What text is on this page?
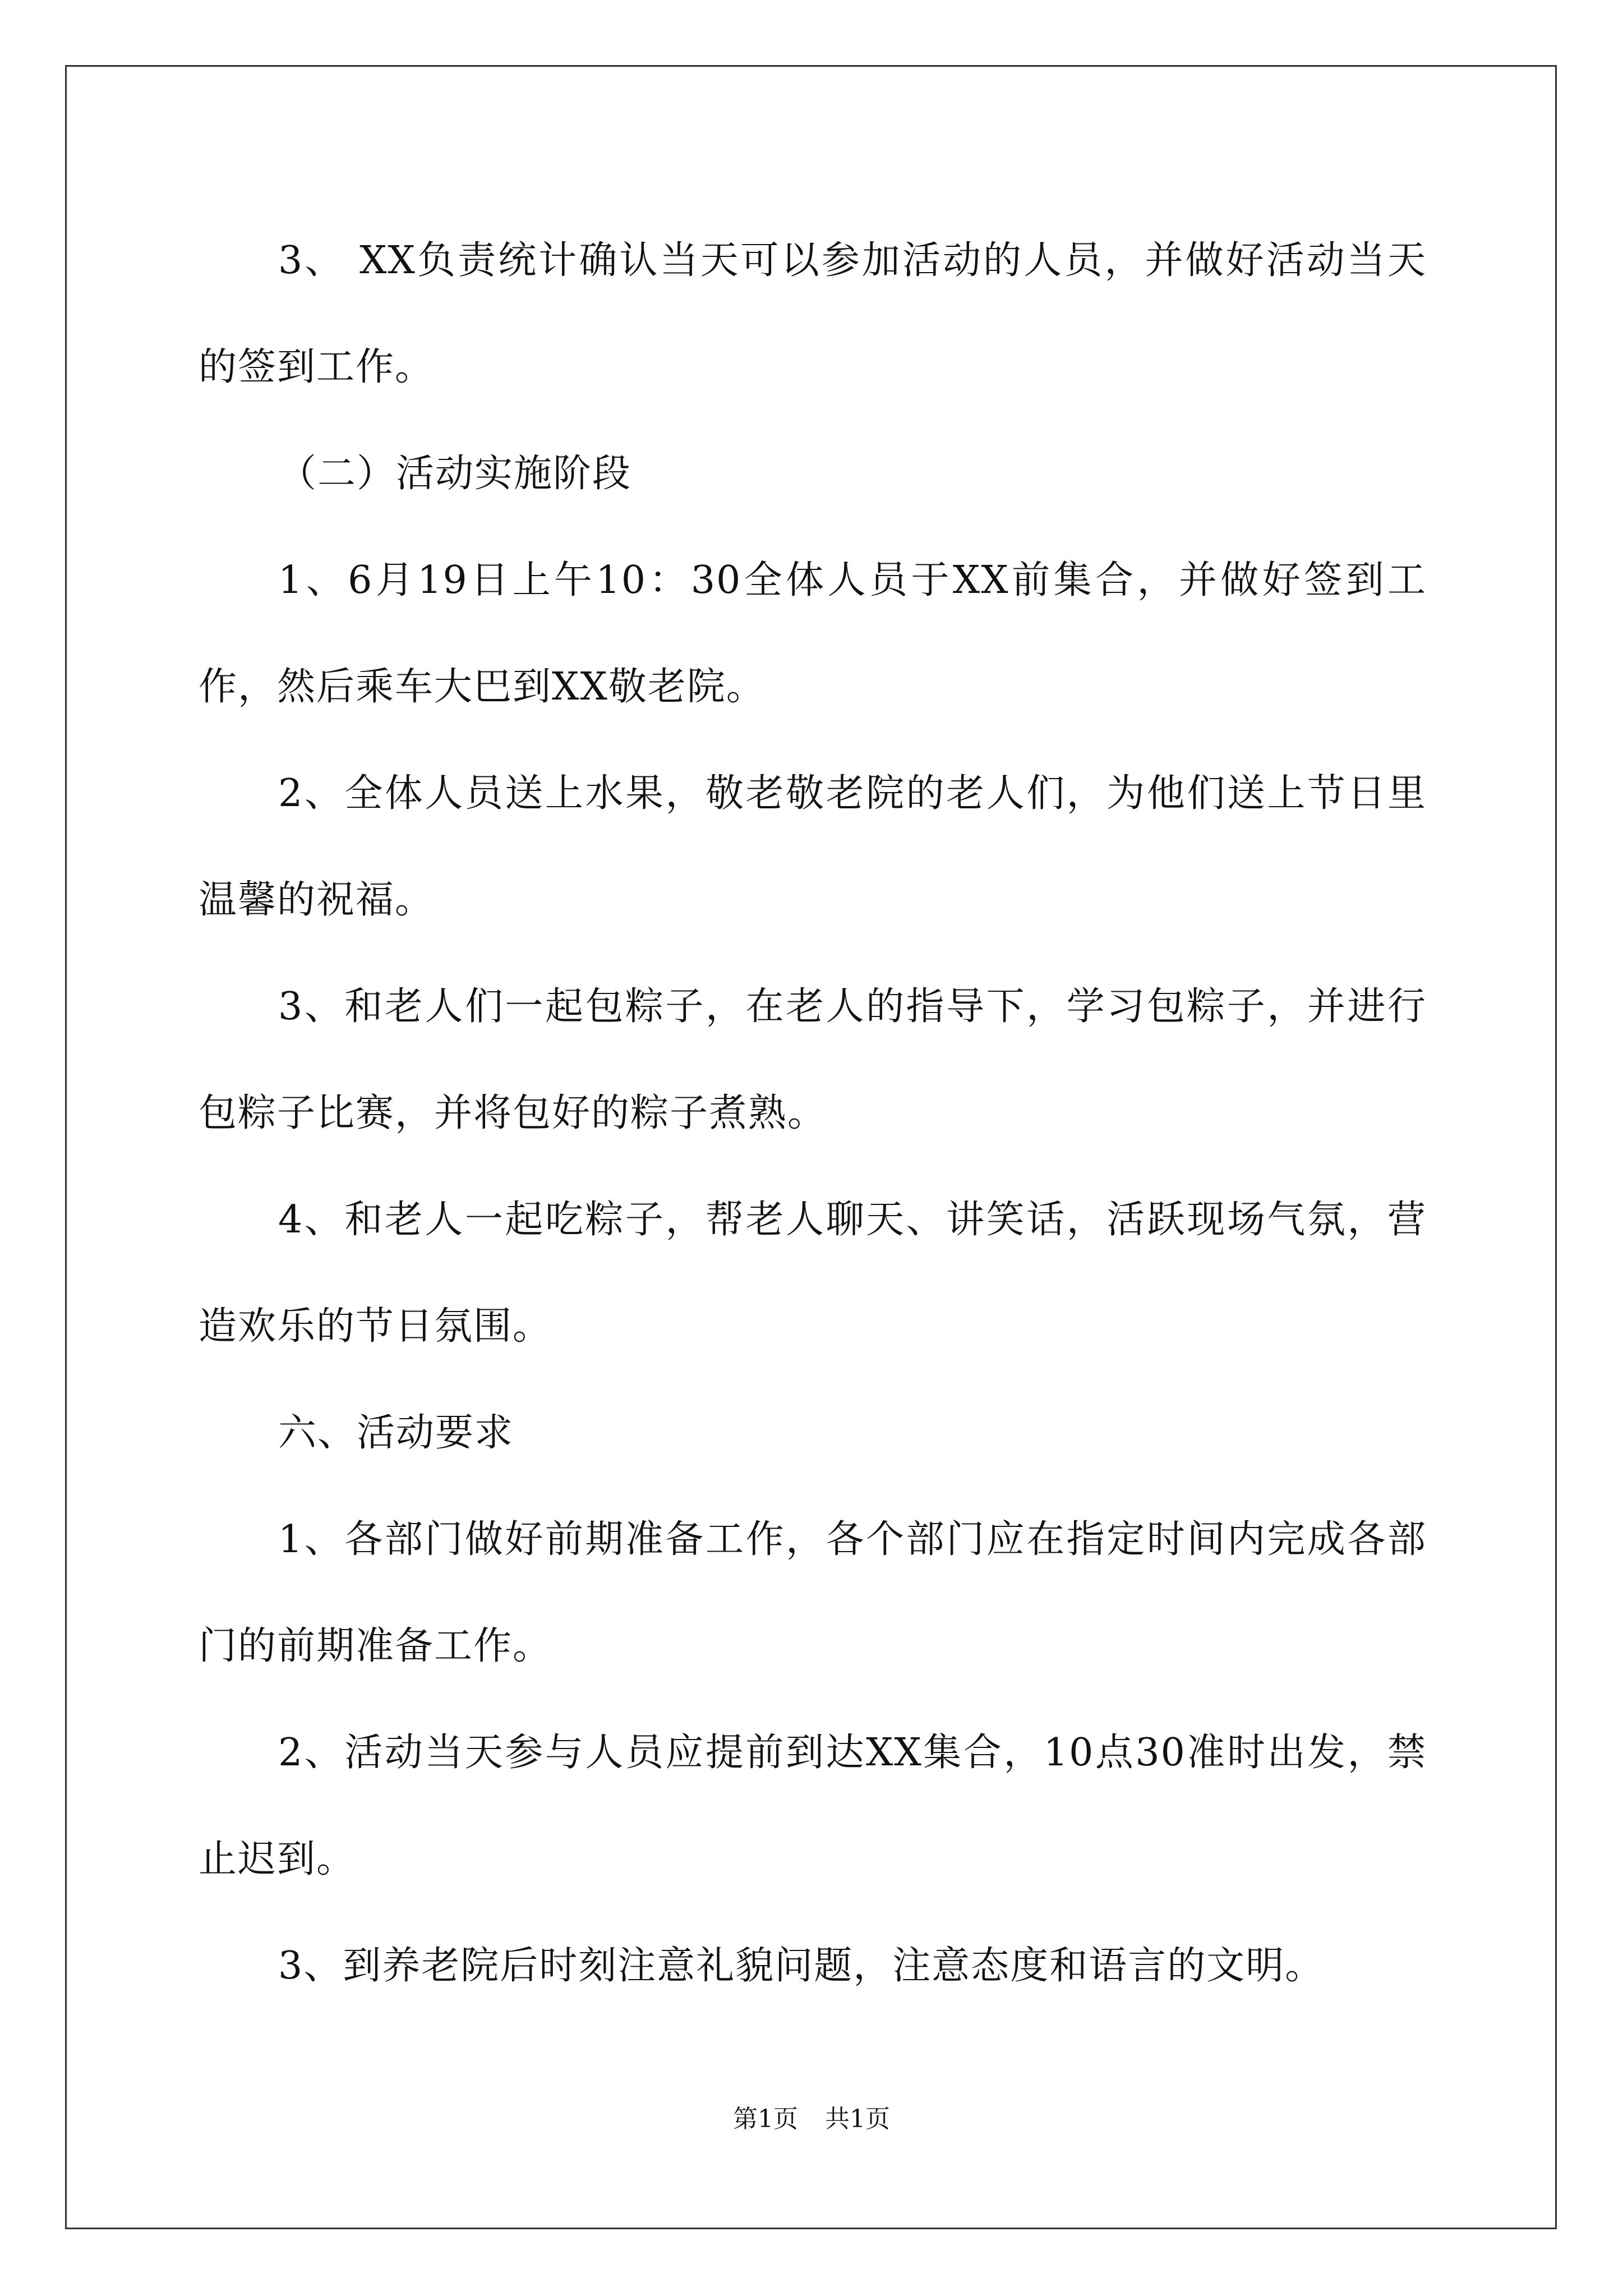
3、 XX负责统计确认当天可以参加活动的人员，并做好活动当天的签到工作。

（二）活动实施阶段

1、6月19日上午10：30全体人员于XX前集合，并做好签到工作，然后乘车大巴到XX敬老院。

2、全体人员送上水果，敬老敬老院的老人们，为他们送上节日里温馨的祝福。

3、和老人们一起包粽子，在老人的指导下，学习包粽子，并进行包粽子比赛，并将包好的粽子煮熟。

4、和老人一起吃粽子，帮老人聊天、讲笑话，活跃现场气氛，营造欢乐的节日氛围。

六、活动要求

1、各部门做好前期准备工作，各个部门应在指定时间内完成各部门的前期准备工作。

2、活动当天参与人员应提前到达XX集合，10点30准时出发，禁止迟到。

3、到养老院后时刻注意礼貌问题，注意态度和语言的文明。

第1页 共1页
